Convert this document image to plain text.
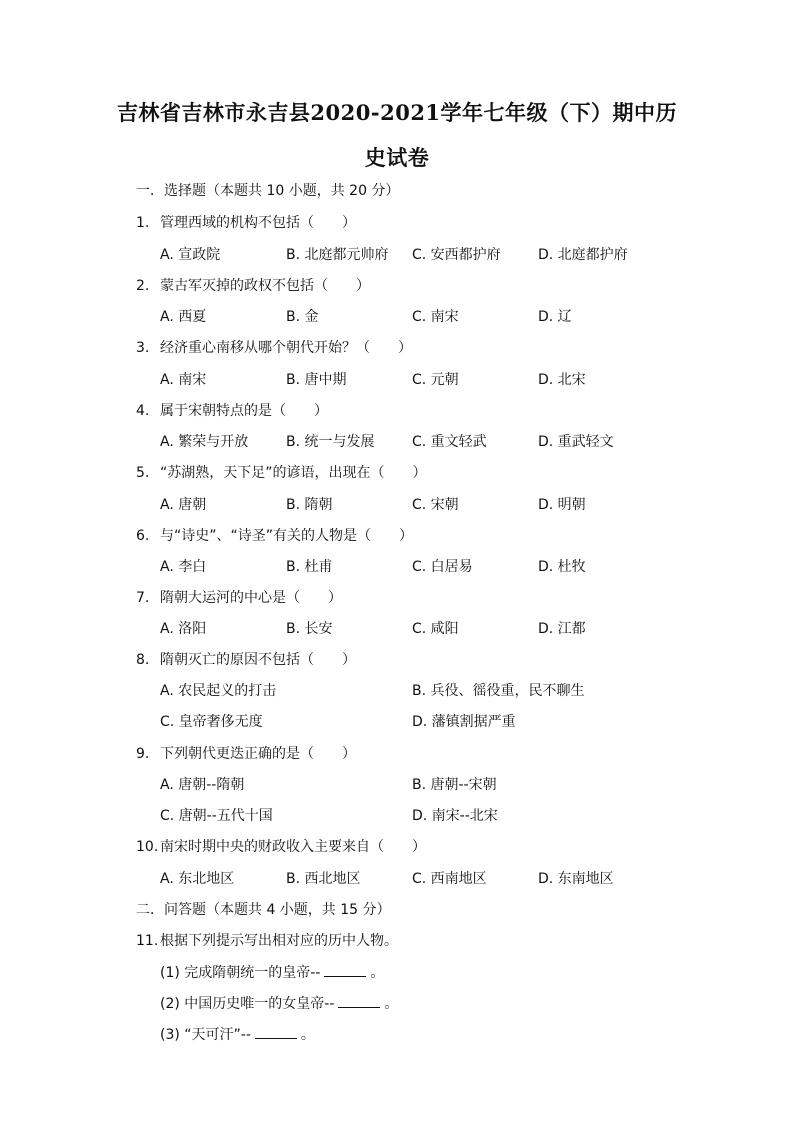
吉林省吉林市永吉县2020-2021学年七年级（下）期中历
史试卷
一．选择题（本题共 10 小题，共 20 分）
1. 管理西域的机构不包括（　　）
A. 宣政院	B. 北庭都元帅府 C. 安西都护府	D. 北庭都护府
2. 蒙古军灭掉的政权不包括（　　）
A. 西夏	B. 金	C. 南宋	D. 辽
3. 经济重心南移从哪个朝代开始？（　　）
A. 南宋	B. 唐中期	C. 元朝	D. 北宋
4. 属于宋朝特点的是（　　）
A. 繁荣与开放	B. 统一与发展	C. 重文轻武	D. 重武轻文
5. “苏湖熟，天下足”的谚语，出现在（　　）
A. 唐朝	B. 隋朝	C. 宋朝	D. 明朝
6. 与“诗史”、“诗圣”有关的人物是（　　）
A. 李白	B. 杜甫	C. 白居易	D. 杜牧
7. 隋朝大运河的中心是（　　）
A. 洛阳	B. 长安	C. 咸阳	D. 江都
8. 隋朝灭亡的原因不包括（　　）
A. 农民起义的打击	B. 兵役、徭役重，民不聊生
C. 皇帝奢侈无度	D. 藩镇割据严重
9. 下列朝代更迭正确的是（　　）
A. 唐朝--隋朝	B. 唐朝--宋朝
C. 唐朝--五代十国	D. 南宋--北宋
10. 南宋时期中央的财政收入主要来自（　　）
A. 东北地区	B. 西北地区	C. 西南地区	D. 东南地区
二．问答题（本题共 4 小题，共 15 分）
11. 根据下列提示写出相对应的历中人物。
(1) 完成隋朝统一的皇帝--	。
(2) 中国历史唯一的女皇帝--	。
(3) “天可汗”--	。
